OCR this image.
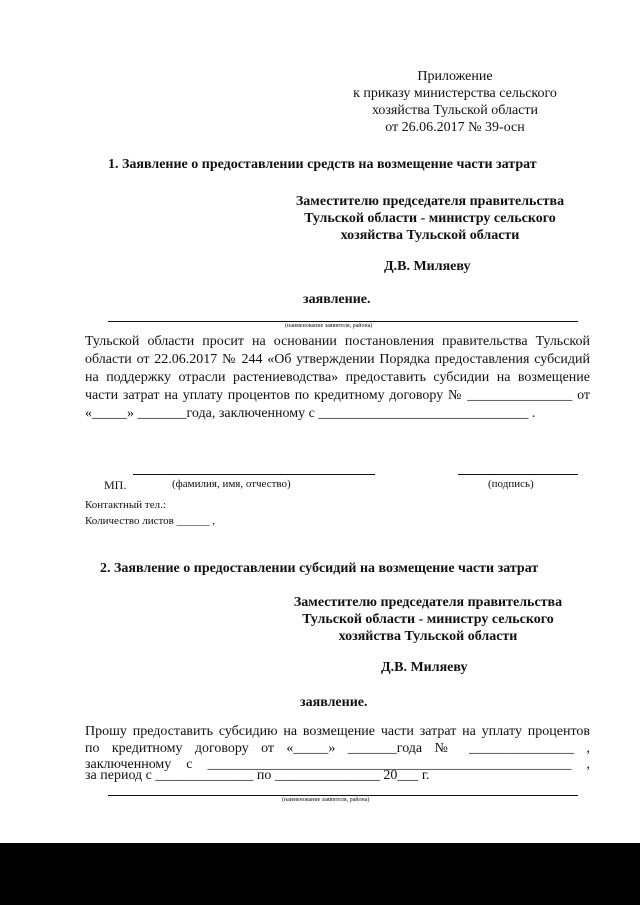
Приложение
к приказу министерства сельского
хозяйства Тульской области
от 26.06.2017 № 39-осн
1. Заявление о предоставлении средств на возмещение части затрат
Заместителю председателя правительства
Тульской области - министру сельского
хозяйства Тульской области
Д.В. Миляеву
заявление.
(наименование заявителя, района)
Тульской области просит на основании постановления правительства Тульской
области от 22.06.2017 № 244 «Об утверждении Порядка предоставления субсидий
на поддержку отрасли растениеводства» предоставить субсидии на возмещение
части затрат на уплату процентов по кредитному договору № _______________ от
«_____» _______года, заключенному с ______________________________ .
МП.	(фамилия, имя, отчество)	(подпись)
Контактный тел.:
Количество листов ______ ,
2. Заявление о предоставлении субсидий на возмещение части затрат
Заместителю председателя правительства
Тульской области - министру сельского
хозяйства Тульской области
Д.В. Миляеву
заявление.
Прошу предоставить субсидию на возмещение части затрат на уплату процентов
по кредитному договору от «_____» _______года № _______________ ,
заключенному с ____________________________________________________ ,
за период с ______________ по _______________ 20___ г.
(наименование заявителя, района)
